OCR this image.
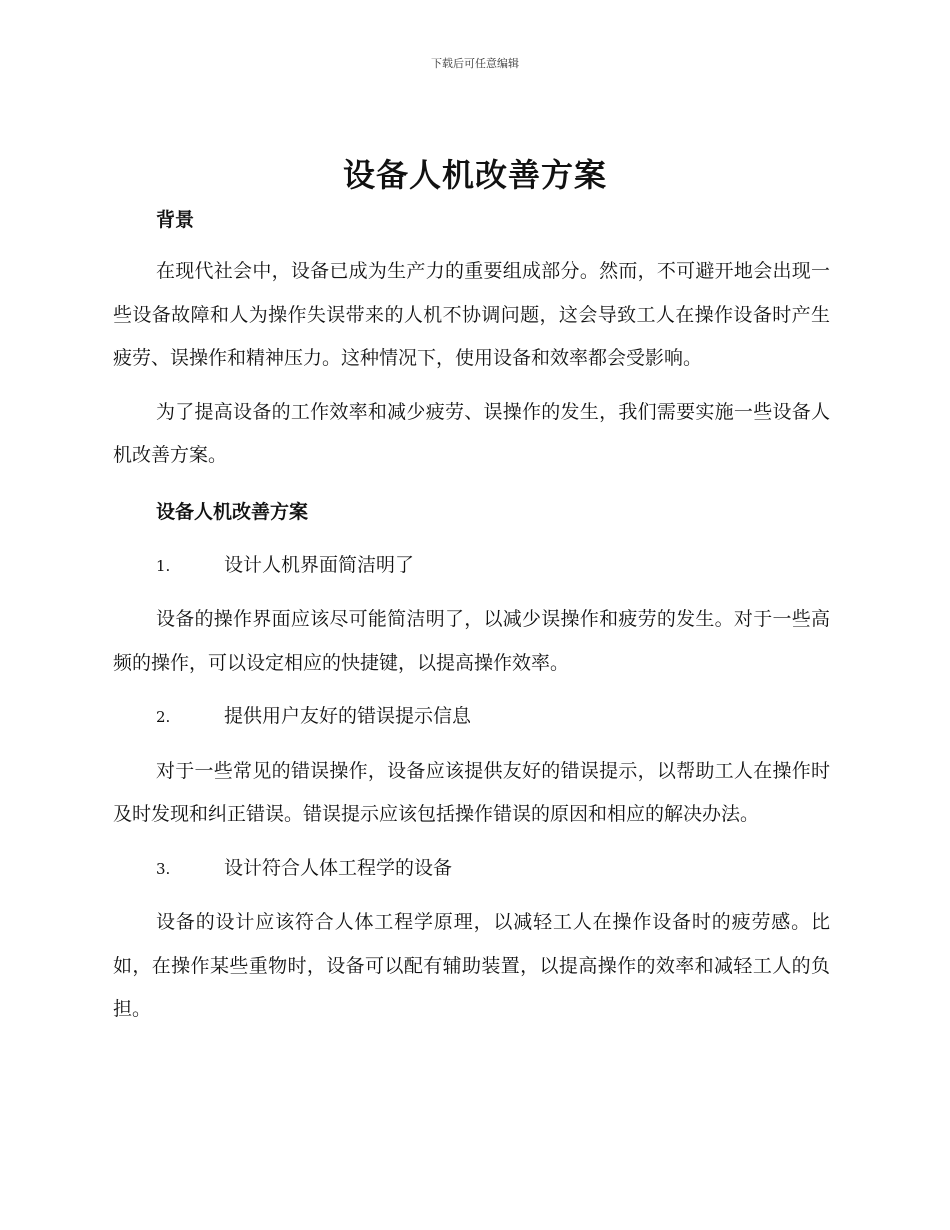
下载后可任意编辑
设备人机改善方案

背景

在现代社会中，设备已成为生产力的重要组成部分。然而，不可避开地会出现一些设备故障和人为操作失误带来的人机不协调问题，这会导致工人在操作设备时产生疲劳、误操作和精神压力。这种情况下，使用设备和效率都会受影响。

为了提高设备的工作效率和减少疲劳、误操作的发生，我们需要实施一些设备人机改善方案。

设备人机改善方案

1.	设计人机界面简洁明了

设备的操作界面应该尽可能简洁明了，以减少误操作和疲劳的发生。对于一些高频的操作，可以设定相应的快捷键，以提高操作效率。

2.	提供用户友好的错误提示信息

对于一些常见的错误操作，设备应该提供友好的错误提示，以帮助工人在操作时及时发现和纠正错误。错误提示应该包括操作错误的原因和相应的解决办法。

3.	设计符合人体工程学的设备

设备的设计应该符合人体工程学原理，以减轻工人在操作设备时的疲劳感。比如，在操作某些重物时，设备可以配有辅助装置，以提高操作的效率和减轻工人的负担。
